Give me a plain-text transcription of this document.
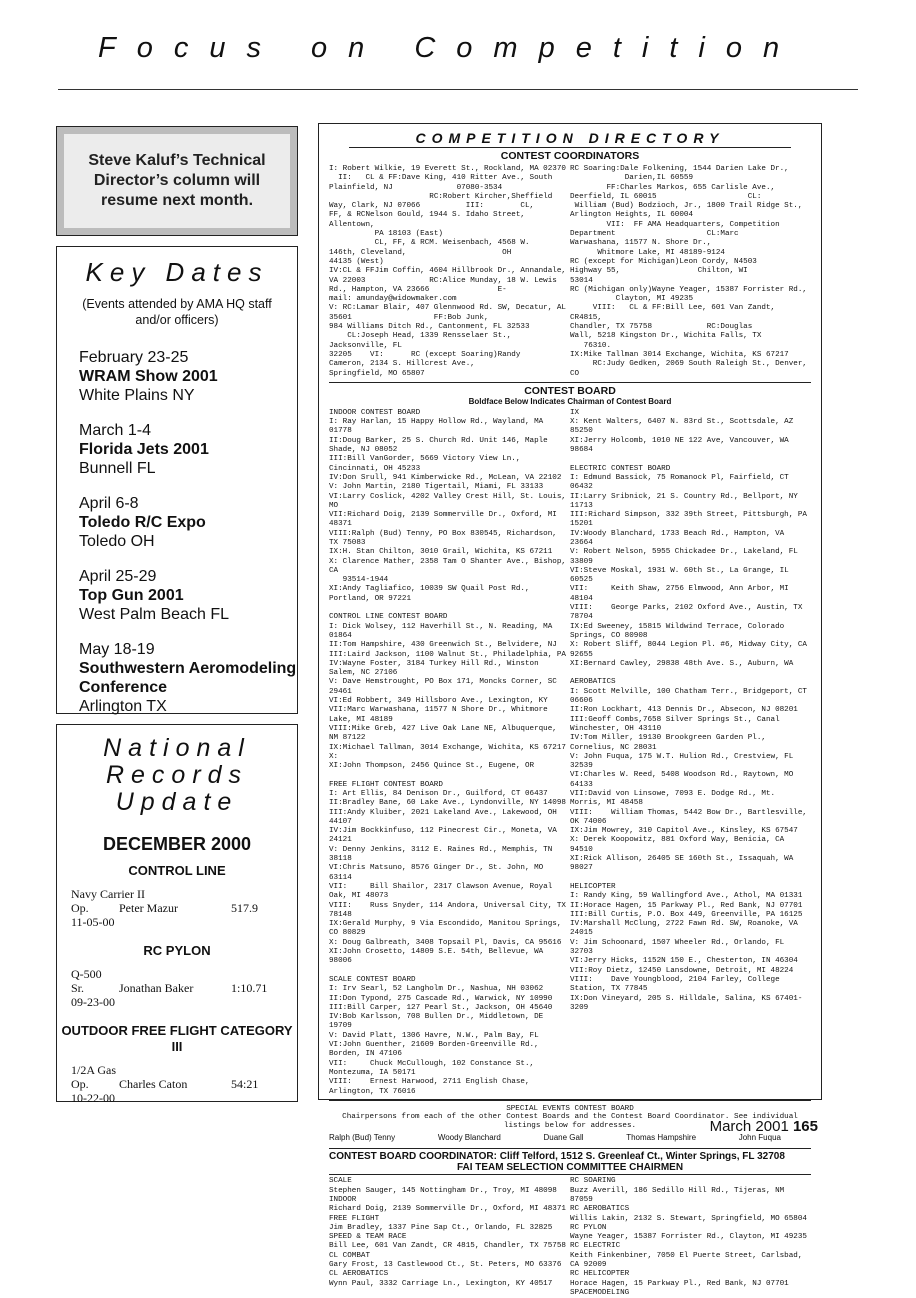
Focus on Competition
Steve Kaluf’s Technical Director’s column will resume next month.
Key Dates
(Events attended by AMA HQ staff and/or officers)
February 23-25
WRAM Show 2001
White Plains NY
March 1-4
Florida Jets 2001
Bunnell FL
April 6-8
Toledo R/C Expo
Toledo OH
April 25-29
Top Gun 2001
West Palm Beach FL
May 18-19
Southwestern Aeromodeling Conference
Arlington TX
National
Records
Update
DECEMBER 2000
CONTROL LINE
Navy Carrier II
Op.	Peter Mazur	517.9
11-05-00
RC PYLON
Q-500
Sr.	Jonathan Baker	1:10.71
09-23-00
OUTDOOR FREE FLIGHT CATEGORY III
1/2A Gas
Op.	Charles Caton	54:21
10-22-00
COMPETITION DIRECTORY
CONTEST COORDINATORS
I: Robert Wilkie, 19 Everett St., Rockland, MA 02370
II:   CL & FF:Dave King, 410 Ritter Ave., South
Plainfield, NJ              07080-3534
RC:Robert Kircher,Sheffield
Way, Clark, NJ 07066          III:        CL,
FF, & RCNelson Gould, 1944 S. Idaho Street, Allentown,
PA 18103 (East)
CL, FF, & RCM. Weisenbach, 4568 W.
146th, Cleveland,                     OH
44135 (West)
IV:CL & FFJim Coffin, 4604 Hillbrook Dr., Annandale,
VA 22003              RC:Alice Munday, 18 W. Lewis
Rd., Hampton, VA 23666               E-
mail: amunday@widowmaker.com
V: RC:Lamar Blair, 407 Glennwood Rd. SW, Decatur, AL
35601                  FF:Bob Junk,
984 Williams Ditch Rd., Cantonment, FL 32533
CL:Joseph Head, 1339 Rensselaer St., Jacksonville, FL
32205    VI:      RC (except Soaring)Randy
Cameron, 2134 S. Hillcrest Ave.,
Springfield, MO 65807
RC Soaring:Dale Folkening, 1544 Darien Lake Dr.,
Darien,IL 60559
FF:Charles Markos, 655 Carlisle Ave.,
Deerfield, IL 60015                    CL:
William (Bud) Bodzioch, Jr., 1800 Trail Ridge St.,
Arlington Heights, IL 60004
VII:  FF AMA Headquarters, Competition
Department                    CL:Marc
Warwashana, 11577 N. Shore Dr.,
Whitmore Lake, MI 48189-9124
RC (except for Michigan)Leon Cordy, N4503
Highway 55,                 Chilton, WI
53014
RC (Michigan only)Wayne Yeager, 15387 Forrister Rd.,
Clayton, MI 49235
VIII:   CL & FF:Bill Lee, 601 Van Zandt, CR4815,
Chandler, TX 75758            RC:Douglas
Wall, 5218 Kingston Dr., Wichita Falls, TX
76310.
IX:Mike Tallman 3014 Exchange, Wichita, KS 67217
RC:Judy Gedken, 2069 South Raleigh St., Denver, CO
CONTEST BOARD
Boldface Below Indicates Chairman of Contest Board
INDOOR CONTEST BOARD
I: Ray Harlan, 15 Happy Hollow Rd., Wayland, MA 01778
II:Doug Barker, 25 S. Church Rd. Unit 146, Maple Shade, NJ 08052
III:Bill VanGorder, 5669 Victory View Ln., Cincinnati, OH 45233
IV:Don Srull, 941 Kimberwicke Rd., McLean, VA 22102
V: John Martin, 2180 Tigertail, Miami, FL 33133
VI:Larry Coslick, 4202 Valley Crest Hill, St. Louis, MO
VII:Richard Doig, 2139 Sommerville Dr., Oxford, MI 48371
VIII:Ralph (Bud) Tenny, PO Box 830545, Richardson, TX 75083
IX:H. Stan Chilton, 3010 Grail, Wichita, KS 67211
X: Clarence Mather, 2358 Tam O Shanter Ave., Bishop, CA
93514-1944
XI:Andy Tagliafico, 10039 SW Quail Post Rd., Portland, OR 97221

CONTROL LINE CONTEST BOARD
I: Dick Wolsey, 112 Haverhill St., N. Reading, MA 01864
II:Tom Hampshire, 430 Greenwich St., Belvidere, NJ
III:Laird Jackson, 1100 Walnut St., Philadelphia, PA
IV:Wayne Foster, 3184 Turkey Hill Rd., Winston Salem, NC 27106
V: Dave Hemstrought, PO Box 171, Moncks Corner, SC 29461
VI:Ed Robbert, 349 Hillsboro Ave., Lexington, KY
VII:Marc Warwashana, 11577 N Shore Dr., Whitmore Lake, MI 48189
VIII:Mike Greb, 427 Live Oak Lane NE, Albuquerque, NM 87122
IX:Michael Tallman, 3014 Exchange, Wichita, KS 67217
X:
XI:John Thompson, 2456 Quince St., Eugene, OR

FREE FLIGHT CONTEST BOARD
I: Art Ellis, 84 Denison Dr., Guilford, CT 06437
II:Bradley Bane, 60 Lake Ave., Lyndonville, NY 14098
III:Andy Kluiber, 2021 Lakeland Ave., Lakewood, OH 44107
IV:Jim Bockkinfuso, 112 Pinecrest Cir., Moneta, VA 24121
V: Denny Jenkins, 3112 E. Raines Rd., Memphis, TN 38118
VI:Chris Matsuno, 8576 Ginger Dr., St. John, MO 63114
VII:     Bill Shailor, 2317 Clawson Avenue, Royal Oak, MI 48073
VIII:    Russ Snyder, 114 Andora, Universal City, TX 78148
IX:Gerald Murphy, 9 Via Escondido, Manitou Springs, CO 80829
X: Doug Galbreath, 3408 Topsail Pl, Davis, CA 95616
XI:John Crosetto, 14809 S.E. 54th, Bellevue, WA 98006

SCALE CONTEST BOARD
I: Irv Searl, 52 Langholm Dr., Nashua, NH 03062
II:Don Typond, 275 Cascade Rd., Warwick, NY 10990
III:Bill Carper, 127 Pearl St., Jackson, OH 45640
IV:Bob Karlsson, 708 Bullen Dr., Middletown, DE 19709
V: David Platt, 1306 Havre, N.W., Palm Bay, FL
VI:John Guenther, 21609 Borden-Greenville Rd., Borden, IN 47106
VII:     Chuck McCullough, 102 Constance St., Montezuma, IA 50171
VIII:    Ernest Harwood, 2711 English Chase, Arlington, TX 76016
IX
X: Kent Walters, 6407 N. 83rd St., Scottsdale, AZ 85250
XI:Jerry Holcomb, 1010 NE 122 Ave, Vancouver, WA 98684

ELECTRIC CONTEST BOARD
I: Edmund Bassick, 75 Romanock Pl, Fairfield, CT 06432
II:Larry Sribnick, 21 S. Country Rd., Bellport, NY 11713
III:Richard Simpson, 332 39th Street, Pittsburgh, PA 15201
IV:Woody Blanchard, 1733 Beach Rd., Hampton, VA 23664
V: Robert Nelson, 5955 Chickadee Dr., Lakeland, FL 33809
VI:Steve Moskal, 1931 W. 60th St., La Grange, IL 60525
VII:     Keith Shaw, 2756 Elmwood, Ann Arbor, MI 48104
VIII:    George Parks, 2102 Oxford Ave., Austin, TX 78704
IX:Ed Sweeney, 15815 Wildwind Terrace, Colorado Springs, CO 80908
X: Robert Sliff, 8044 Legion Pl. #6, Midway City, CA 92655
XI:Bernard Cawley, 29838 48th Ave. S., Auburn, WA

AEROBATICS
I: Scott Melville, 100 Chatham Terr., Bridgeport, CT 06606
II:Ron Lockhart, 413 Dennis Dr., Absecon, NJ 08201
III:Geoff Combs,7658 Silver Springs St., Canal Winchester, OH 43110
IV:Tom Miller, 19130 Brookgreen Garden Pl., Cornelius, NC 28031
V: John Fuqua, 175 W.T. Hulion Rd., Crestview, FL 32539
VI:Charles W. Reed, 5408 Woodson Rd., Raytown, MO 64133
VII:David von Linsowe, 7093 E. Dodge Rd., Mt. Morris, MI 48458
VIII:    William Thomas, 5442 Bow Dr., Bartlesville, OK 74006
IX:Jim Mowrey, 310 Capitol Ave., Kinsley, KS 67547
X: Derek Koopowitz, 881 Oxford Way, Benicia, CA 94510
XI:Rick Allison, 26405 SE 160th St., Issaquah, WA 98027

HELICOPTER
I: Randy King, 59 Wallingford Ave., Athol, MA 01331
II:Horace Hagen, 15 Parkway Pl., Red Bank, NJ 07701
III:Bill Curtis, P.O. Box 449, Greenville, PA 16125
IV:Marshall McClung, 2722 Fawn Rd. SW, Roanoke, VA 24015
V: Jim Schoonard, 1507 Wheeler Rd., Orlando, FL 32703
VI:Jerry Hicks, 1152N 150 E., Chesterton, IN 46304
VII:Roy Dietz, 12450 Lansdowne, Detroit, MI 48224
VIII:    Dave Youngblood, 2104 Farley, College Station, TX 77845
IX:Don Vineyard, 205 S. Hilldale, Salina, KS 67401-3209
SPECIAL EVENTS CONTEST BOARD
Chairpersons from each of the other Contest Boards and the Contest Board Coordinator. See individual listings below for addresses.
Ralph (Bud) Tenny	Woody Blanchard	Duane Gall	Thomas Hampshire	John Fuqua
CONTEST BOARD COORDINATOR: Cliff Telford, 1512 S. Greenleaf Ct., Winter Springs, FL 32708
FAI TEAM SELECTION COMMITTEE CHAIRMEN
SCALE
Stephen Sauger, 145 Nottingham Dr., Troy, MI 48098
INDOOR
Richard Doig, 2139 Sommerville Dr., Oxford, MI 48371
FREE FLIGHT
Jim Bradley, 1337 Pine Sap Ct., Orlando, FL 32825
SPEED & TEAM RACE
Bill Lee, 601 Van Zandt, CR 4815, Chandler, TX 75758
CL COMBAT
Gary Frost, 13 Castlewood Ct., St. Peters, MO 63376
CL AEROBATICS
Wynn Paul, 3332 Carriage Ln., Lexington, KY 40517
RC SOARING
Buzz Averill, 186 Sedillo Hill Rd., Tijeras, NM 87059
RC AEROBATICS
Willis Lakin, 2132 S. Stewart, Springfield, MO 65804
RC PYLON
Wayne Yeager, 15387 Forrister Rd., Clayton, MI 49235
RC ELECTRIC
Keith Finkenbiner, 7050 El Puerte Street, Carlsbad, CA 92009
RC HELICOPTER
Horace Hagen, 15 Parkway Pl., Red Bank, NJ 07701
SPACEMODELING
March 2001 165
